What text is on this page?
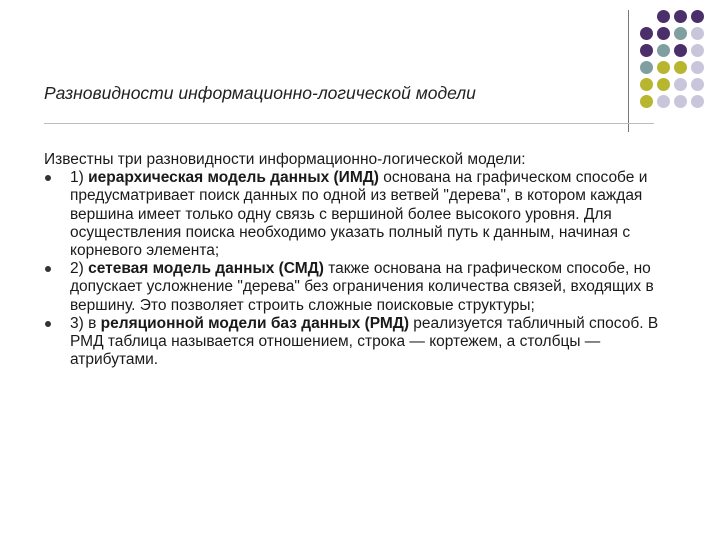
Разновидности информационно-логической модели
Известны три разновидности информационно-логической модели:
1) иерархическая модель данных (ИМД) основана на графическом способе и предусматривает поиск данных по одной из ветвей "дерева", в котором каждая вершина имеет только одну связь с вершиной более высокого уровня. Для осуществления поиска необходимо указать полный путь к данным, начиная с корневого элемента;
2) сетевая модель данных (СМД) также основана на графическом способе, но допускает усложнение "дерева" без ограничения количества связей, входящих в вершину. Это позволяет строить сложные поисковые структуры;
3) в реляционной модели баз данных (РМД) реализуется табличный способ. В РМД таблица называется отношением, строка — кортежем, а столбцы — атрибутами.
